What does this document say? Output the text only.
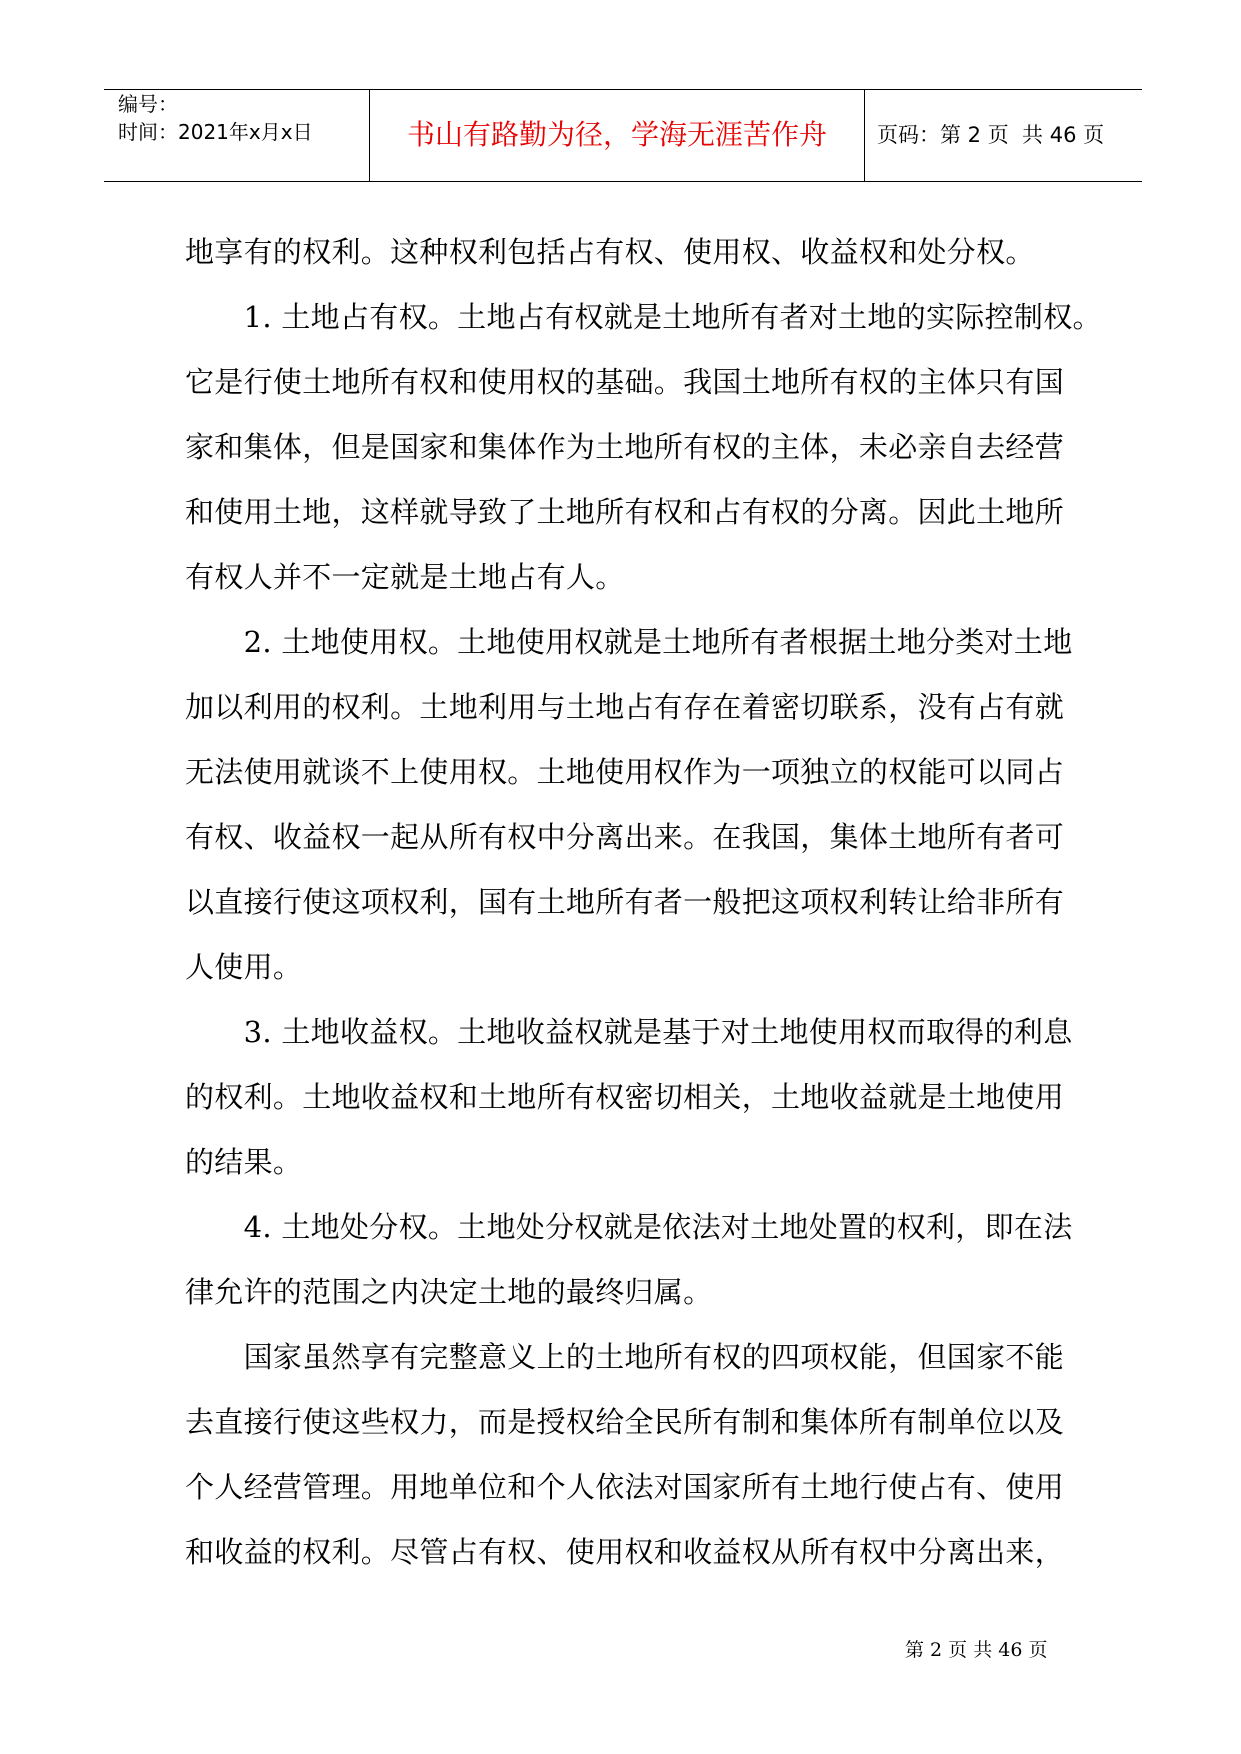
编号：
时间：2021年x月x日	书山有路勤为径，学海无涯苦作舟	页码：第 2 页  共 46 页
地享有的权利。这种权利包括占有权、使用权、收益权和处分权。
　　1. 土地占有权。土地占有权就是土地所有者对土地的实际控制权。
它是行使土地所有权和使用权的基础。我国土地所有权的主体只有国
家和集体，但是国家和集体作为土地所有权的主体，未必亲自去经营
和使用土地，这样就导致了土地所有权和占有权的分离。因此土地所
有权人并不一定就是土地占有人。
　　2. 土地使用权。土地使用权就是土地所有者根据土地分类对土地
加以利用的权利。土地利用与土地占有存在着密切联系，没有占有就
无法使用就谈不上使用权。土地使用权作为一项独立的权能可以同占
有权、收益权一起从所有权中分离出来。在我国，集体土地所有者可
以直接行使这项权利，国有土地所有者一般把这项权利转让给非所有
人使用。
　　3. 土地收益权。土地收益权就是基于对土地使用权而取得的利息
的权利。土地收益权和土地所有权密切相关，土地收益就是土地使用
的结果。
　　4. 土地处分权。土地处分权就是依法对土地处置的权利，即在法
律允许的范围之内决定土地的最终归属。
　　国家虽然享有完整意义上的土地所有权的四项权能，但国家不能
去直接行使这些权力，而是授权给全民所有制和集体所有制单位以及
个人经营管理。用地单位和个人依法对国家所有土地行使占有、使用
和收益的权利。尽管占有权、使用权和收益权从所有权中分离出来，
第 2 页 共 46 页
